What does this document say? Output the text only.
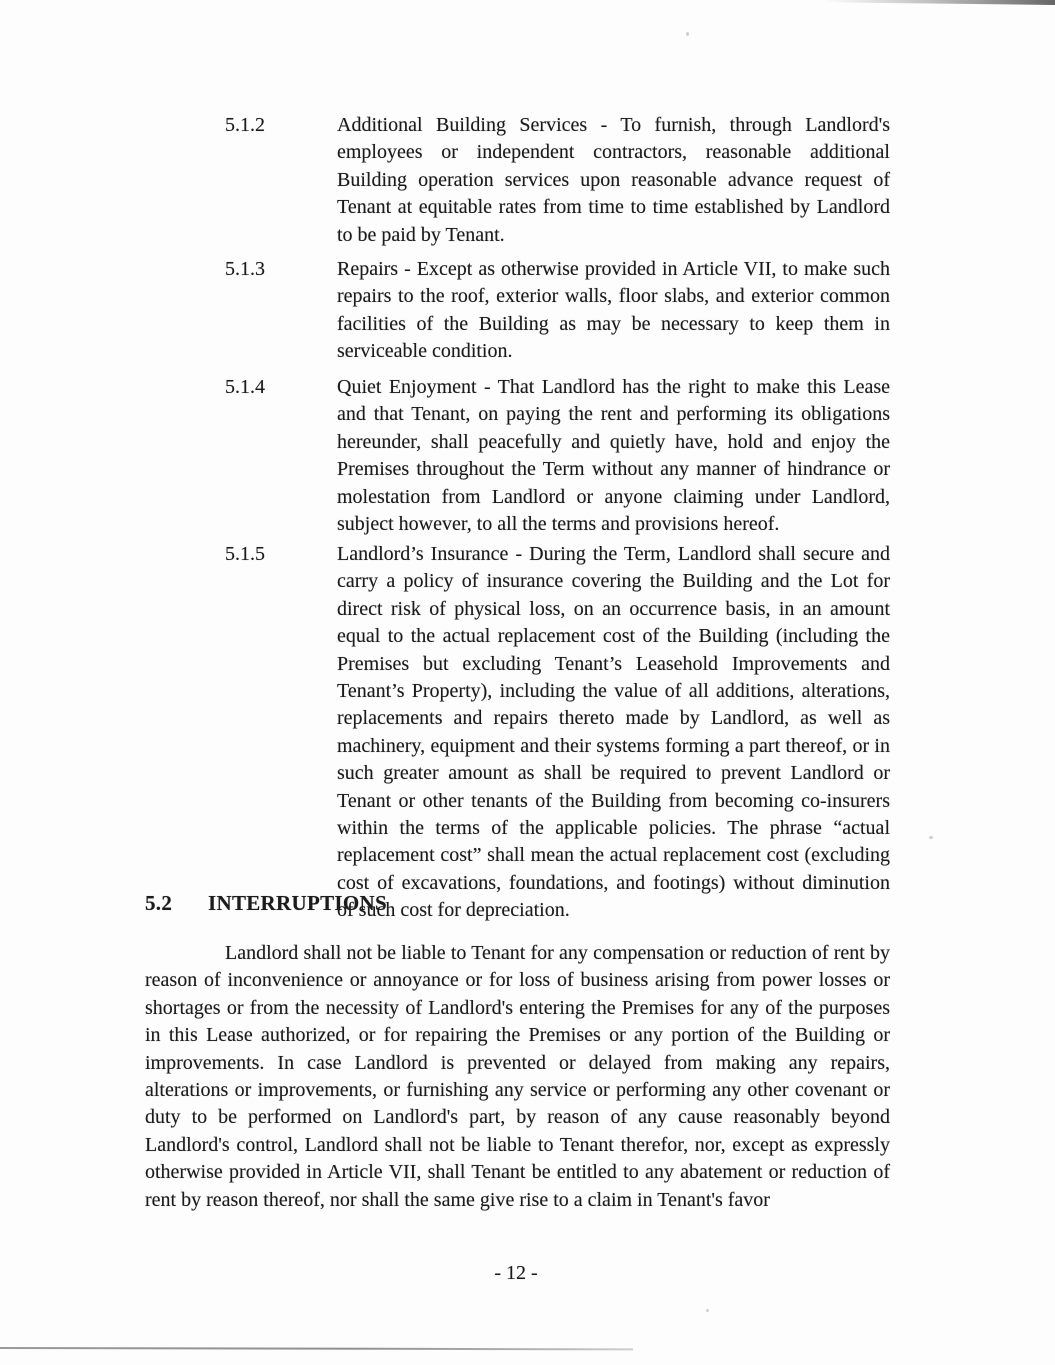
5.1.2	Additional Building Services - To furnish, through Landlord's employees or independent contractors, reasonable additional Building operation services upon reasonable advance request of Tenant at equitable rates from time to time established by Landlord to be paid by Tenant.
5.1.3	Repairs - Except as otherwise provided in Article VII, to make such repairs to the roof, exterior walls, floor slabs, and exterior common facilities of the Building as may be necessary to keep them in serviceable condition.
5.1.4	Quiet Enjoyment - That Landlord has the right to make this Lease and that Tenant, on paying the rent and performing its obligations hereunder, shall peacefully and quietly have, hold and enjoy the Premises throughout the Term without any manner of hindrance or molestation from Landlord or anyone claiming under Landlord, subject however, to all the terms and provisions hereof.
5.1.5	Landlord’s Insurance - During the Term, Landlord shall secure and carry a policy of insurance covering the Building and the Lot for direct risk of physical loss, on an occurrence basis, in an amount equal to the actual replacement cost of the Building (including the Premises but excluding Tenant’s Leasehold Improvements and Tenant’s Property), including the value of all additions, alterations, replacements and repairs thereto made by Landlord, as well as machinery, equipment and their systems forming a part thereof, or in such greater amount as shall be required to prevent Landlord or Tenant or other tenants of the Building from becoming co-insurers within the terms of the applicable policies. The phrase “actual replacement cost” shall mean the actual replacement cost (excluding cost of excavations, foundations, and footings) without diminution of such cost for depreciation.
5.2 INTERRUPTIONS
Landlord shall not be liable to Tenant for any compensation or reduction of rent by reason of inconvenience or annoyance or for loss of business arising from power losses or shortages or from the necessity of Landlord's entering the Premises for any of the purposes in this Lease authorized, or for repairing the Premises or any portion of the Building or improvements. In case Landlord is prevented or delayed from making any repairs, alterations or improvements, or furnishing any service or performing any other covenant or duty to be performed on Landlord's part, by reason of any cause reasonably beyond Landlord's control, Landlord shall not be liable to Tenant therefor, nor, except as expressly otherwise provided in Article VII, shall Tenant be entitled to any abatement or reduction of rent by reason thereof, nor shall the same give rise to a claim in Tenant's favor
- 12 -
